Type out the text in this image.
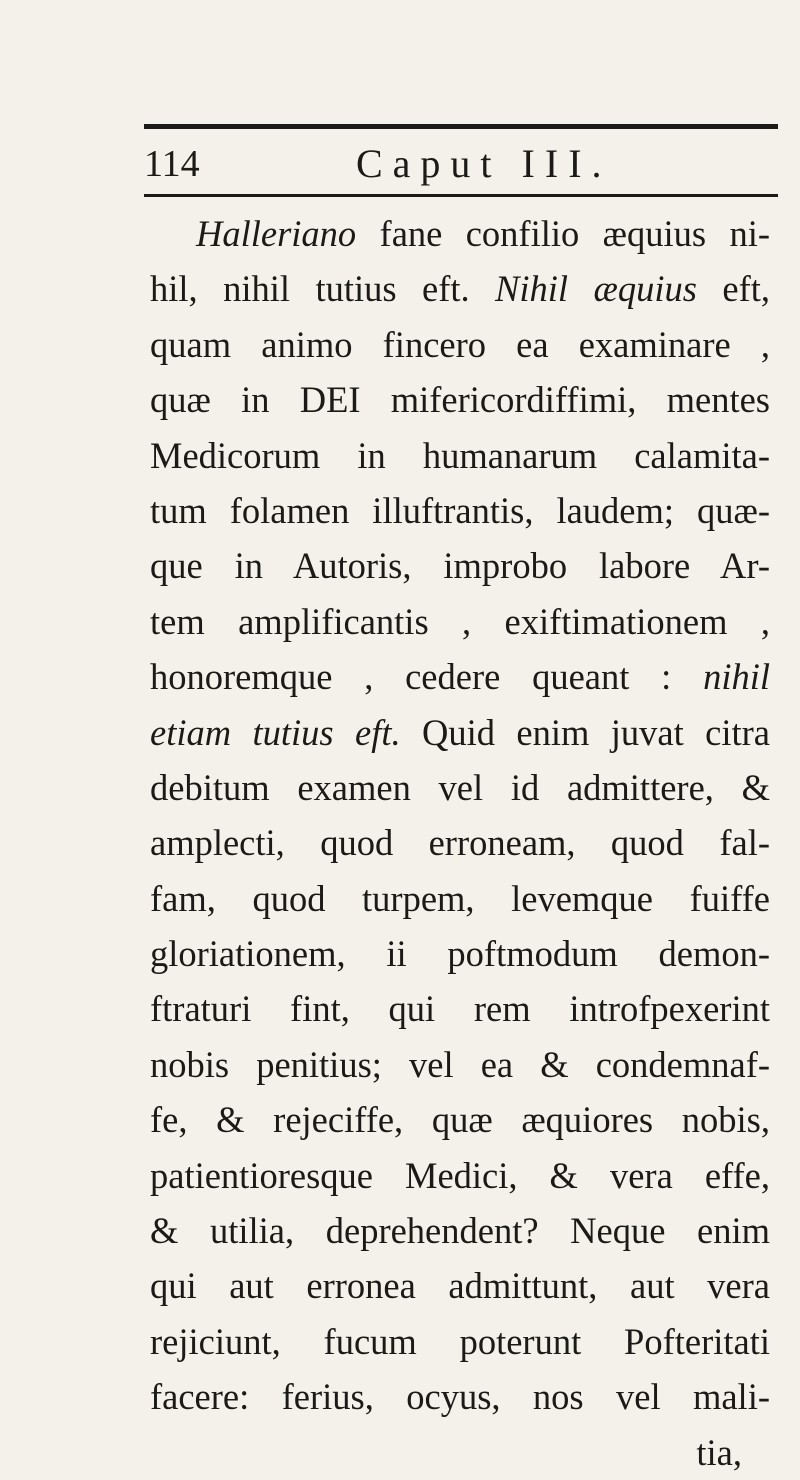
114	Caput III.
Halleriano fane confilio æquius ni-
hil, nihil tutius eft. Nihil æquius eft,
quam animo fincero ea examinare ,
quæ in DEI mifericordiffimi, mentes
Medicorum in humanarum calamita-
tum folamen illuftrantis, laudem; quæ-
que in Autoris, improbo labore Ar-
tem amplificantis , exiftimationem ,
honoremque , cedere queant : nihil
etiam tutius eft. Quid enim juvat citra
debitum examen vel id admittere, &
amplecti, quod erroneam, quod fal-
fam, quod turpem, levemque fuiffe
gloriationem, ii poftmodum demon-
ftraturi fint, qui rem introfpexerint
nobis penitius; vel ea & condemnaf-
fe, & rejeciffe, quæ æquiores nobis,
patientioresque Medici, & vera effe,
& utilia, deprehendent? Neque enim
qui aut erronea admittunt, aut vera
rejiciunt, fucum poterunt Pofteritati
facere: ferius, ocyus, nos vel mali-
tia,
